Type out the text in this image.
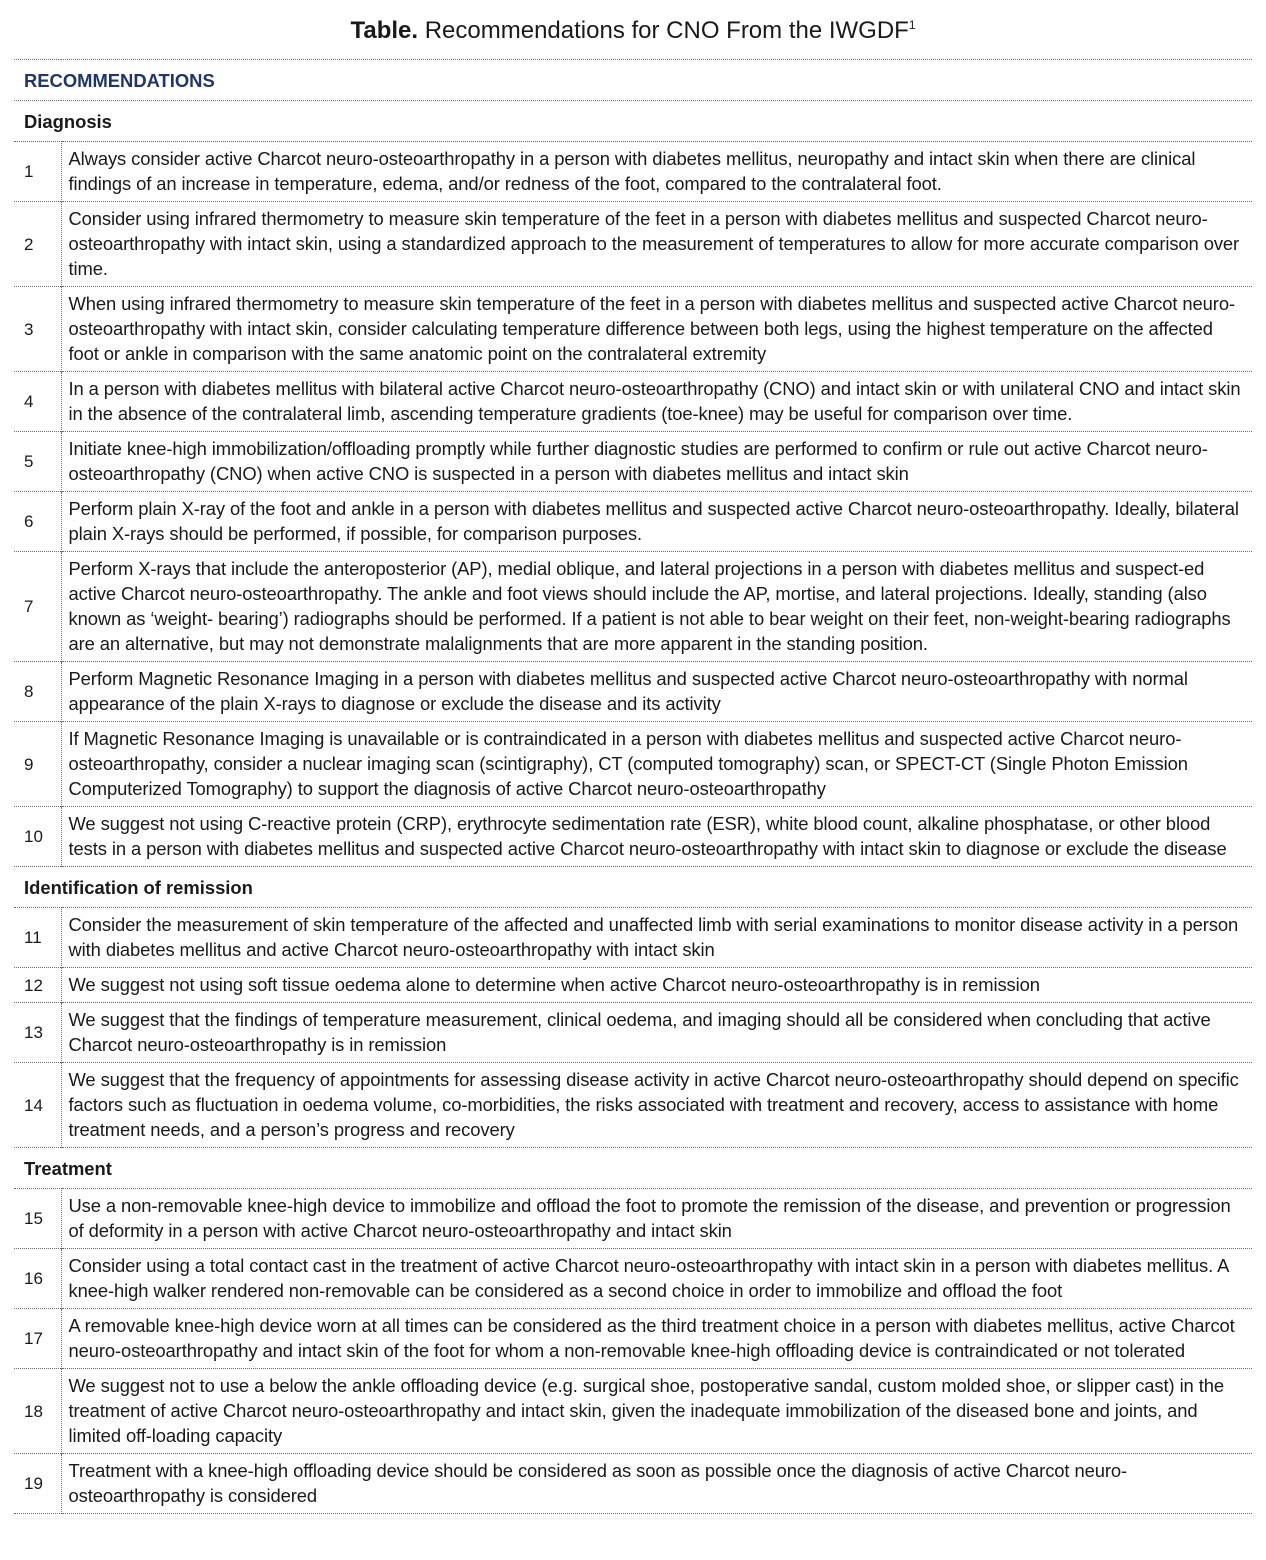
Table. Recommendations for CNO From the IWGDF$^1$
RECOMMENDATIONS	
Diagnosis	
1	Always consider active Charcot neuro-osteoarthropathy in a person with diabetes mellitus, neuropathy and intact skin when there are clinical findings of an increase in temperature, edema, and/or redness of the foot, compared to the contralateral foot.
2	Consider using infrared thermometry to measure skin temperature of the feet in a person with diabetes mellitus and suspected Charcot neuro-osteoarthropathy with intact skin, using a standardized approach to the measurement of temperatures to allow for more accurate comparison over time.
3	When using infrared thermometry to measure skin temperature of the feet in a person with diabetes mellitus and suspected active Charcot neuro-osteoarthropathy with intact skin, consider calculating temperature difference between both legs, using the highest temperature on the affected foot or ankle in comparison with the same anatomic point on the contralateral extremity
4	In a person with diabetes mellitus with bilateral active Charcot neuro-osteoarthropathy (CNO) and intact skin or with unilateral CNO and intact skin in the absence of the contralateral limb, ascending temperature gradients (toe-knee) may be useful for comparison over time.
5	Initiate knee-high immobilization/offloading promptly while further diagnostic studies are performed to confirm or rule out active Charcot neuro-osteoarthropathy (CNO) when active CNO is suspected in a person with diabetes mellitus and intact skin
6	Perform plain X-ray of the foot and ankle in a person with diabetes mellitus and suspected active Charcot neuro-osteoarthropathy. Ideally, bilateral plain X-rays should be performed, if possible, for comparison purposes.
7	Perform X-rays that include the anteroposterior (AP), medial oblique, and lateral projections in a person with diabetes mellitus and suspect-ed active Charcot neuro-osteoarthropathy. The ankle and foot views should include the AP, mortise, and lateral projections. Ideally, standing (also known as ‘weight- bearing’) radiographs should be performed. If a patient is not able to bear weight on their feet, non-weight-bearing radiographs are an alternative, but may not demonstrate malalignments that are more apparent in the standing position.
8	Perform Magnetic Resonance Imaging in a person with diabetes mellitus and suspected active Charcot neuro-osteoarthropathy with normal appearance of the plain X-rays to diagnose or exclude the disease and its activity
9	If Magnetic Resonance Imaging is unavailable or is contraindicated in a person with diabetes mellitus and suspected active Charcot neuro-osteoarthropathy, consider a nuclear imaging scan (scintigraphy), CT (computed tomography) scan, or SPECT-CT (Single Photon Emission Computerized Tomography) to support the diagnosis of active Charcot neuro-osteoarthropathy
10	We suggest not using C-reactive protein (CRP), erythrocyte sedimentation rate (ESR), white blood count, alkaline phosphatase, or other blood tests in a person with diabetes mellitus and suspected active Charcot neuro-osteoarthropathy with intact skin to diagnose or exclude the disease
Identification of remission	
11	Consider the measurement of skin temperature of the affected and unaffected limb with serial examinations to monitor disease activity in a person with diabetes mellitus and active Charcot neuro-osteoarthropathy with intact skin
12	We suggest not using soft tissue oedema alone to determine when active Charcot neuro-osteoarthropathy is in remission
13	We suggest that the findings of temperature measurement, clinical oedema, and imaging should all be considered when concluding that active Charcot neuro-osteoarthropathy is in remission
14	We suggest that the frequency of appointments for assessing disease activity in active Charcot neuro-osteoarthropathy should depend on specific factors such as fluctuation in oedema volume, co-morbidities, the risks associated with treatment and recovery, access to assistance with home treatment needs, and a person’s progress and recovery
Treatment	
15	Use a non-removable knee-high device to immobilize and offload the foot to promote the remission of the disease, and prevention or progression of deformity in a person with active Charcot neuro-osteoarthropathy and intact skin
16	Consider using a total contact cast in the treatment of active Charcot neuro-osteoarthropathy with intact skin in a person with diabetes mellitus. A knee-high walker rendered non-removable can be considered as a second choice in order to immobilize and offload the foot
17	A removable knee-high device worn at all times can be considered as the third treatment choice in a person with diabetes mellitus, active Charcot neuro-osteoarthropathy and intact skin of the foot for whom a non-removable knee-high offloading device is contraindicated or not tolerated
18	We suggest not to use a below the ankle offloading device (e.g. surgical shoe, postoperative sandal, custom molded shoe, or slipper cast) in the treatment of active Charcot neuro-osteoarthropathy and intact skin, given the inadequate immobilization of the diseased bone and joints, and limited off-loading capacity
19	Treatment with a knee-high offloading device should be considered as soon as possible once the diagnosis of active Charcot neuro-osteoarthropathy is considered
